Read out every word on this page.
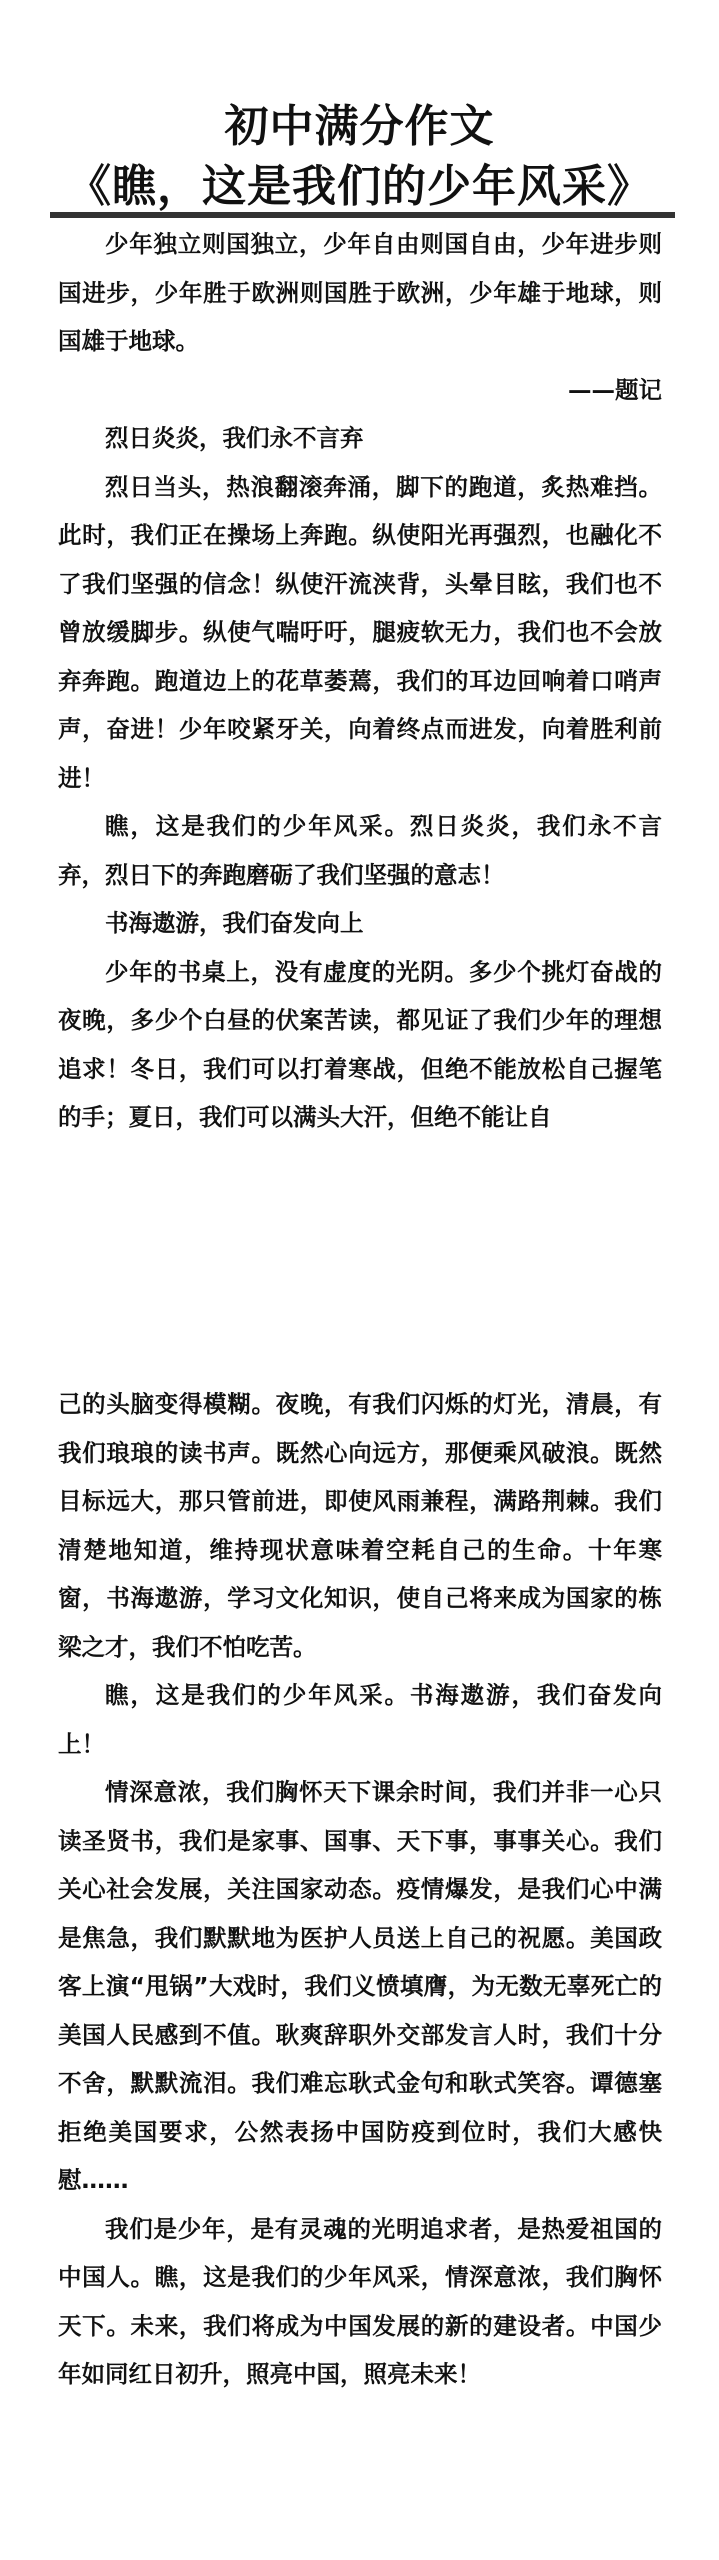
初中满分作文
《瞧，这是我们的少年风采》

少年独立则国独立，少年自由则国自由，少年进步则国进步，少年胜于欧洲则国胜于欧洲，少年雄于地球，则国雄于地球。

——题记

烈日炎炎，我们永不言弃

烈日当头，热浪翻滚奔涌，脚下的跑道，炙热难挡。此时，我们正在操场上奔跑。纵使阳光再强烈，也融化不了我们坚强的信念！纵使汗流浃背，头晕目眩，我们也不曾放缓脚步。纵使气喘吁吁，腿疲软无力，我们也不会放弃奔跑。跑道边上的花草萎蔫，我们的耳边回响着口哨声声，奋进！少年咬紧牙关，向着终点而进发，向着胜利前进！

瞧，这是我们的少年风采。烈日炎炎，我们永不言弃，烈日下的奔跑磨砺了我们坚强的意志！

书海遨游，我们奋发向上

少年的书桌上，没有虚度的光阴。多少个挑灯奋战的夜晚，多少个白昼的伏案苦读，都见证了我们少年的理想追求！冬日，我们可以打着寒战，但绝不能放松自己握笔的手；夏日，我们可以满头大汗，但绝不能让自

己的头脑变得模糊。夜晚，有我们闪烁的灯光，清晨，有我们琅琅的读书声。既然心向远方，那便乘风破浪。既然目标远大，那只管前进，即使风雨兼程，满路荆棘。我们清楚地知道，维持现状意味着空耗自己的生命。十年寒窗，书海遨游，学习文化知识，使自己将来成为国家的栋梁之才，我们不怕吃苦。

瞧，这是我们的少年风采。书海遨游，我们奋发向上！

情深意浓，我们胸怀天下课余时间，我们并非一心只读圣贤书，我们是家事、国事、天下事，事事关心。我们关心社会发展，关注国家动态。疫情爆发，是我们心中满是焦急，我们默默地为医护人员送上自己的祝愿。美国政客上演“甩锅”大戏时，我们义愤填膺，为无数无辜死亡的美国人民感到不值。耿爽辞职外交部发言人时，我们十分不舍，默默流泪。我们难忘耿式金句和耿式笑容。谭德塞拒绝美国要求，公然表扬中国防疫到位时，我们大感快慰……

我们是少年，是有灵魂的光明追求者，是热爱祖国的中国人。瞧，这是我们的少年风采，情深意浓，我们胸怀天下。未来，我们将成为中国发展的新的建设者。中国少年如同红日初升，照亮中国，照亮未来！
